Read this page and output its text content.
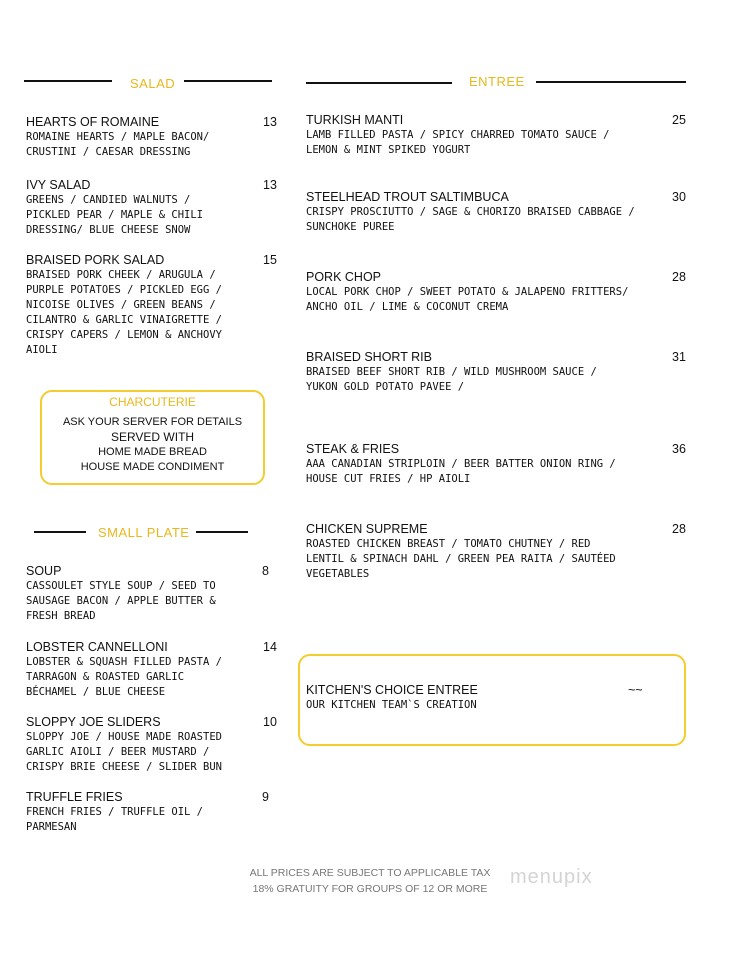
SALAD	ENTREE
HEARTS OF ROMAINE
ROMAINE HEARTS / MAPLE BACON/
CRUSTINI / CAESAR DRESSING
13
IVY SALAD
GREENS / CANDIED WALNUTS /
PICKLED PEAR / MAPLE & CHILI
DRESSING/ BLUE CHEESE SNOW
13
BRAISED PORK SALAD
BRAISED PORK CHEEK / ARUGULA /
PURPLE POTATOES / PICKLED EGG /
NICOISE OLIVES / GREEN BEANS /
CILANTRO & GARLIC VINAIGRETTE /
CRISPY CAPERS / LEMON & ANCHOVY
AIOLI
15
CHARCUTERIE
ASK YOUR SERVER FOR DETAILS
SERVED WITH
HOME MADE BREAD
HOUSE MADE CONDIMENT
SMALL PLATE
SOUP
CASSOULET STYLE SOUP / SEED TO
SAUSAGE BACON / APPLE BUTTER &
FRESH BREAD
8
LOBSTER CANNELLONI
LOBSTER & SQUASH FILLED PASTA /
TARRAGON & ROASTED GARLIC
BÉCHAMEL / BLUE CHEESE
14
SLOPPY JOE SLIDERS
SLOPPY JOE / HOUSE MADE ROASTED
GARLIC AIOLI / BEER MUSTARD /
CRISPY BRIE CHEESE / SLIDER BUN
10
TRUFFLE FRIES
FRENCH FRIES / TRUFFLE OIL /
PARMESAN
9
TURKISH MANTI
LAMB FILLED PASTA / SPICY CHARRED TOMATO SAUCE /
LEMON & MINT SPIKED YOGURT
25
STEELHEAD TROUT SALTIMBUCA
CRISPY PROSCIUTTO / SAGE & CHORIZO BRAISED CABBAGE /
SUNCHOKE PUREE
30
PORK CHOP
LOCAL PORK CHOP / SWEET POTATO & JALAPENO FRITTERS/
ANCHO OIL / LIME & COCONUT CREMA
28
BRAISED SHORT RIB
BRAISED BEEF SHORT RIB / WILD MUSHROOM SAUCE /
YUKON GOLD POTATO PAVEE /
31
STEAK & FRIES
AAA CANADIAN STRIPLOIN / BEER BATTER ONION RING /
HOUSE CUT FRIES / HP AIOLI
36
CHICKEN SUPREME
ROASTED CHICKEN BREAST / TOMATO CHUTNEY / RED
LENTIL & SPINACH DAHL / GREEN PEA RAITA / SAUTÉED
VEGETABLES
28
KITCHEN'S CHOICE ENTREE
OUR KITCHEN TEAM`S CREATION
~~
ALL PRICES ARE SUBJECT TO APPLICABLE TAX
18% GRATUITY FOR GROUPS OF 12 OR MORE
menupix
